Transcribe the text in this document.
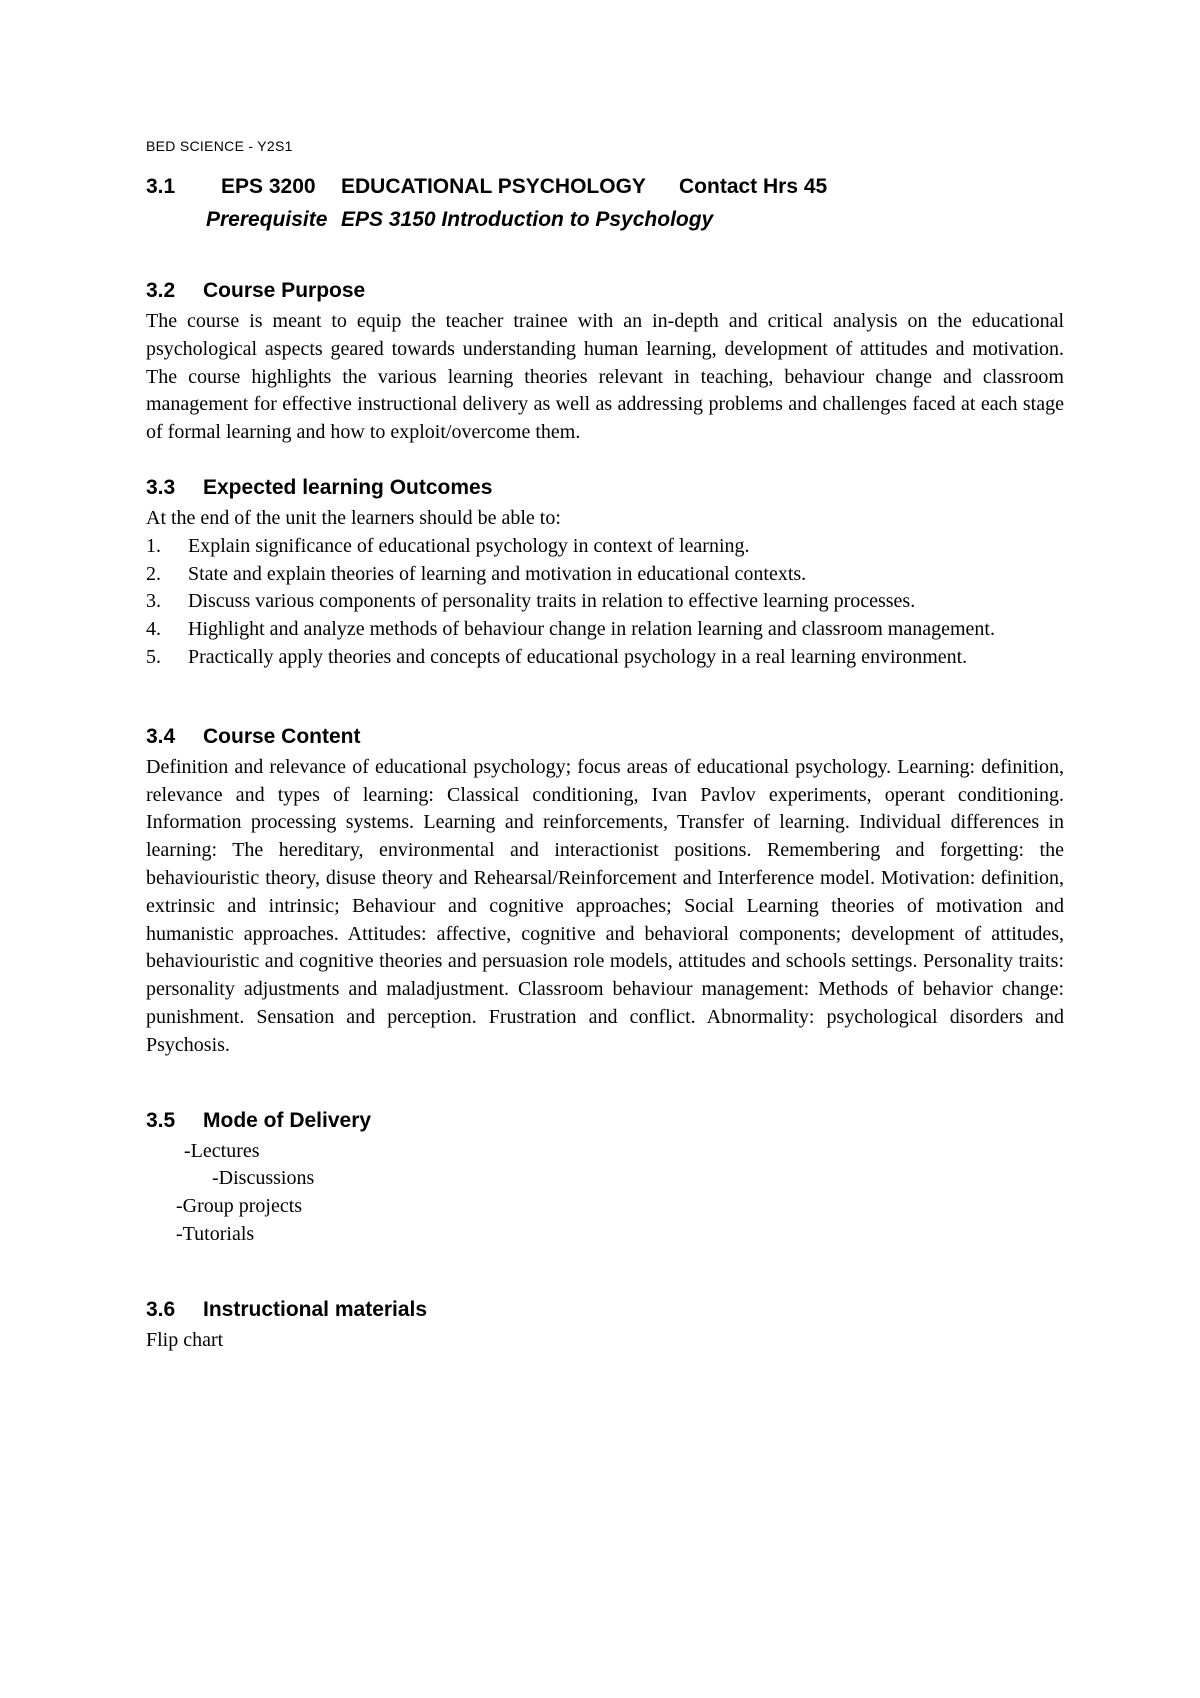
BED SCIENCE - Y2S1
3.1	EPS 3200	EDUCATIONAL PSYCHOLOGY	Contact Hrs 45
Prerequisite EPS 3150 Introduction to Psychology
3.2	Course Purpose

The course is meant to equip the teacher trainee with an in-depth and critical analysis on the educational psychological aspects geared towards understanding human learning, development of attitudes and motivation. The course highlights the various learning theories relevant in teaching, behaviour change and classroom management for effective instructional delivery as well as addressing problems and challenges faced at each stage of formal learning and how to exploit/overcome them.

3.3	Expected learning Outcomes

At the end of the unit the learners should be able to:

1. Explain significance of educational psychology in context of learning.
2. State and explain theories of learning and motivation in educational contexts.
3. Discuss various components of personality traits in relation to effective learning processes.
4. Highlight and analyze methods of behaviour change in relation learning and classroom management.
5. Practically apply theories and concepts of educational psychology in a real learning environment.
3.4	Course Content

Definition and relevance of educational psychology; focus areas of educational psychology. Learning: definition, relevance and types of learning: Classical conditioning, Ivan Pavlov experiments, operant conditioning. Information processing systems. Learning and reinforcements, Transfer of learning. Individual differences in learning: The hereditary, environmental and interactionist positions. Remembering and forgetting: the behaviouristic theory, disuse theory and Rehearsal/Reinforcement and Interference model. Motivation: definition, extrinsic and intrinsic; Behaviour and cognitive approaches; Social Learning theories of motivation and humanistic approaches. Attitudes: affective, cognitive and behavioral components; development of attitudes, behaviouristic and cognitive theories and persuasion role models, attitudes and schools settings. Personality traits: personality adjustments and maladjustment. Classroom behaviour management: Methods of behavior change: punishment. Sensation and perception. Frustration and conflict. Abnormality: psychological disorders and Psychosis.

3.5	Mode of Delivery
-Lectures
-Discussions
-Group projects
-Tutorials
3.6	Instructional materials

Flip chart
